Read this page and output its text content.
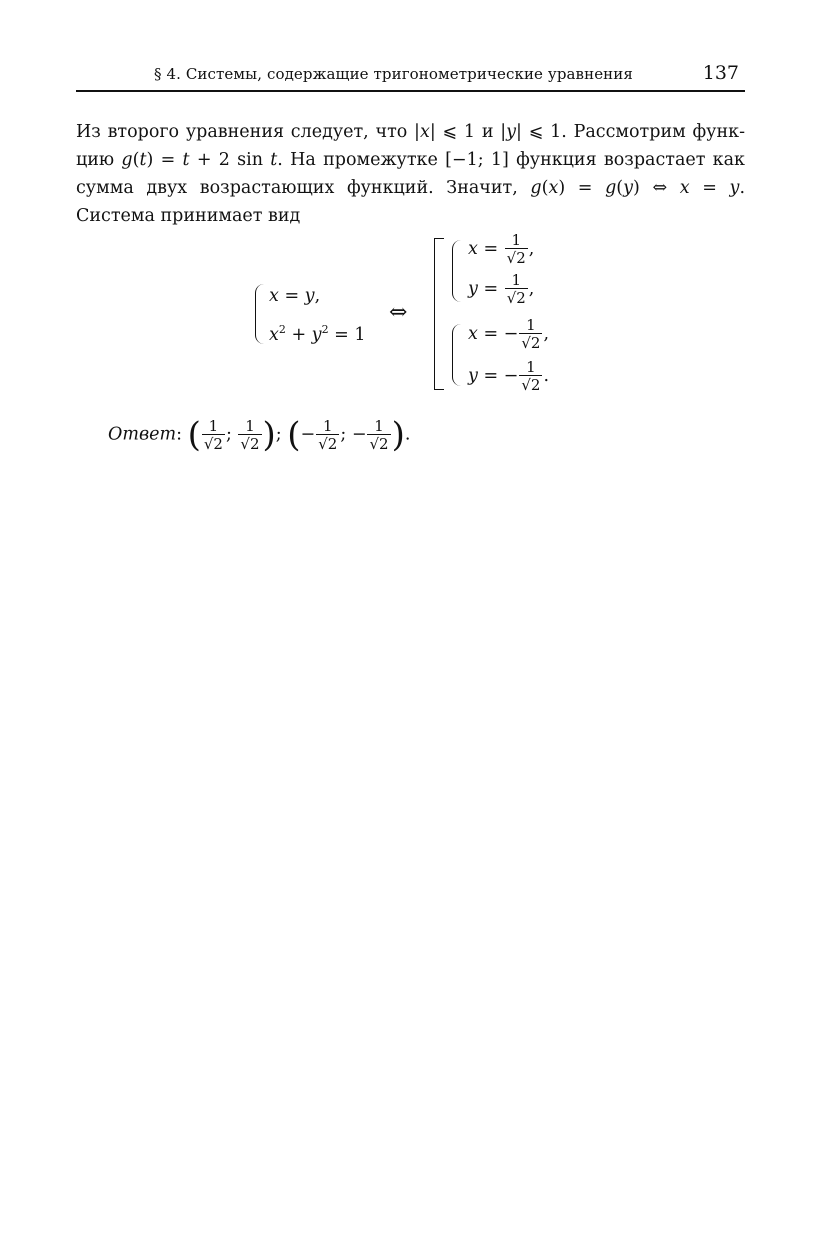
§ 4. Системы, содержащие тригонометрические уравнения	137
Из второго уравнения следует, что |x| ⩽ 1 и |y| ⩽ 1. Рассмотрим функ-
цию g(t) = t + 2 sin t. На промежутке [−1; 1] функция возрастает как
сумма двух возрастающих функций. Значит, g(x) = g(y) ⇔ x = y.
Система принимает вид
x = y,
$x^2 + y^2 = 1$
⇔
$x = \frac{1}{√2}$ ,
$y = \frac{1}{√2}$ ,
x = − $\frac{1}{√2}$ ,
y = − $\frac{1}{√2}$ .
Ответ: ( $\frac{1}{√2}$ ; $\frac{1}{√2}$ ); (− $\frac{1}{√2}$ ; − $\frac{1}{√2}$ ).
